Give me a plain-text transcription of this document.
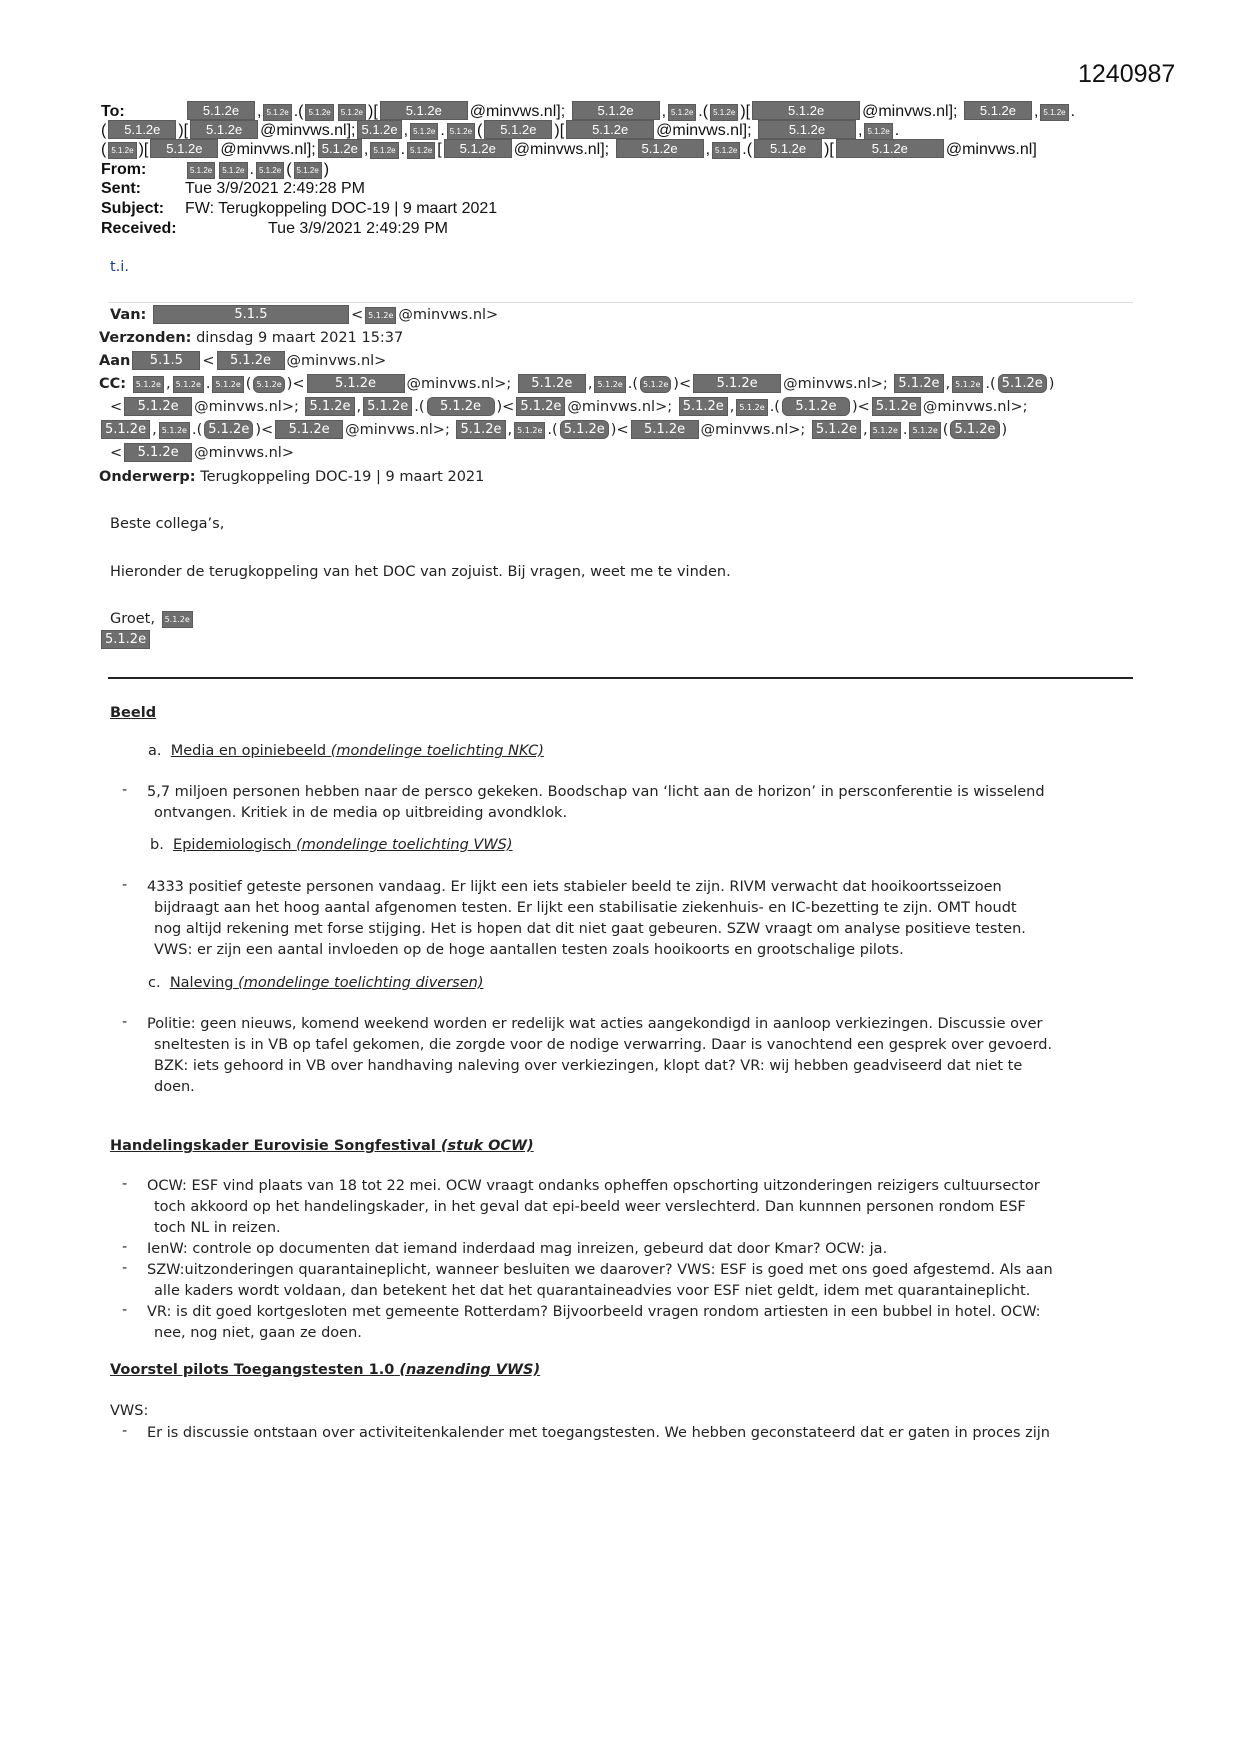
1240987
To:	5.1.2e , 5.1.2e .( 5.1.2e 5.1.2e )[ 5.1.2e @minvws.nl]; 5.1.2e , 5.1.2e .( 5.1.2e )[	5.1.2e @minvws.nl]; 5.1.2e , 5.1.2e .
( 5.1.2e )[ 5.1.2e @minvws.nl]; 5.1.2e , 5.1.2e . 5.1.2e ( 5.1.2e )[ 5.1.2e @minvws.nl];	5.1.2e , 5.1.2e .
( 5.1.2e )[ 5.1.2e @minvws.nl]; 5.1.2e , 5.1.2e . 5.1.2e [ 5.1.2e @minvws.nl]; 5.1.2e , 5.1.2e .( 5.1.2e )[	5.1.2e @minvws.nl]
From:	5.1.2e 5.1.2e . 5.1.2e ( 5.1.2e )
Sent:	Tue 3/9/2021 2:49:28 PM
Subject: FW: Terugkoppeling DOC-19 | 9 maart 2021
Received:	Tue 3/9/2021 2:49:29 PM
t.i.
Van:	5.1.5	< 5.1.2e @minvws.nl>
Verzonden: dinsdag 9 maart 2021 15:37
Aan 5.1.5 < 5.1.2e @minvws.nl>
CC: 5.1.2e , 5.1.2e . 5.1.2e ( 5.1.2e )< 5.1.2e @minvws.nl>; 5.1.2e , 5.1.2e .( 5.1.2e )< 5.1.2e @minvws.nl>; 5.1.2e , 5.1.2e .( 5.1.2e )
< 5.1.2e @minvws.nl>; 5.1.2e , 5.1.2e .( 5.1.2e )< 5.1.2e @minvws.nl>; 5.1.2e , 5.1.2e .( 5.1.2e )< 5.1.2e @minvws.nl>;
5.1.2e , 5.1.2e .( 5.1.2e )< 5.1.2e @minvws.nl>; 5.1.2e , 5.1.2e .( 5.1.2e )< 5.1.2e @minvws.nl>; 5.1.2e , 5.1.2e . 5.1.2e ( 5.1.2e )
< 5.1.2e @minvws.nl>
Onderwerp: Terugkoppeling DOC-19 | 9 maart 2021
Beste collega’s,
Hieronder de terugkoppeling van het DOC van zojuist. Bij vragen, weet me te vinden.
Groet, 5.1.2e
5.1.2e
Beeld
a. Media en opiniebeeld (mondelinge toelichting NKC)
- 5,7 miljoen personen hebben naar de persco gekeken. Boodschap van ‘licht aan de horizon’ in persconferentie is wisselend
ontvangen. Kritiek in de media op uitbreiding avondklok.
b. Epidemiologisch (mondelinge toelichting VWS)
- 4333 positief geteste personen vandaag. Er lijkt een iets stabieler beeld te zijn. RIVM verwacht dat hooikoortsseizoen
bijdraagt aan het hoog aantal afgenomen testen. Er lijkt een stabilisatie ziekenhuis- en IC-bezetting te zijn. OMT houdt
nog altijd rekening met forse stijging. Het is hopen dat dit niet gaat gebeuren. SZW vraagt om analyse positieve testen.
VWS: er zijn een aantal invloeden op de hoge aantallen testen zoals hooikoorts en grootschalige pilots.
c. Naleving (mondelinge toelichting diversen)
- Politie: geen nieuws, komend weekend worden er redelijk wat acties aangekondigd in aanloop verkiezingen. Discussie over
sneltesten is in VB op tafel gekomen, die zorgde voor de nodige verwarring. Daar is vanochtend een gesprek over gevoerd.
BZK: iets gehoord in VB over handhaving naleving over verkiezingen, klopt dat? VR: wij hebben geadviseerd dat niet te
doen.
Handelingskader Eurovisie Songfestival (stuk OCW)
- OCW: ESF vind plaats van 18 tot 22 mei. OCW vraagt ondanks opheffen opschorting uitzonderingen reizigers cultuursector
toch akkoord op het handelingskader, in het geval dat epi-beeld weer verslechterd. Dan kunnnen personen rondom ESF
toch NL in reizen.
- IenW: controle op documenten dat iemand inderdaad mag inreizen, gebeurd dat door Kmar? OCW: ja.
- SZW:uitzonderingen quarantaineplicht, wanneer besluiten we daarover? VWS: ESF is goed met ons goed afgestemd. Als aan
alle kaders wordt voldaan, dan betekent het dat het quarantaineadvies voor ESF niet geldt, idem met quarantaineplicht.
- VR: is dit goed kortgesloten met gemeente Rotterdam? Bijvoorbeeld vragen rondom artiesten in een bubbel in hotel. OCW:
nee, nog niet, gaan ze doen.
Voorstel pilots Toegangstesten 1.0 (nazending VWS)
VWS:
- Er is discussie ontstaan over activiteitenkalender met toegangstesten. We hebben geconstateerd dat er gaten in proces zijn
